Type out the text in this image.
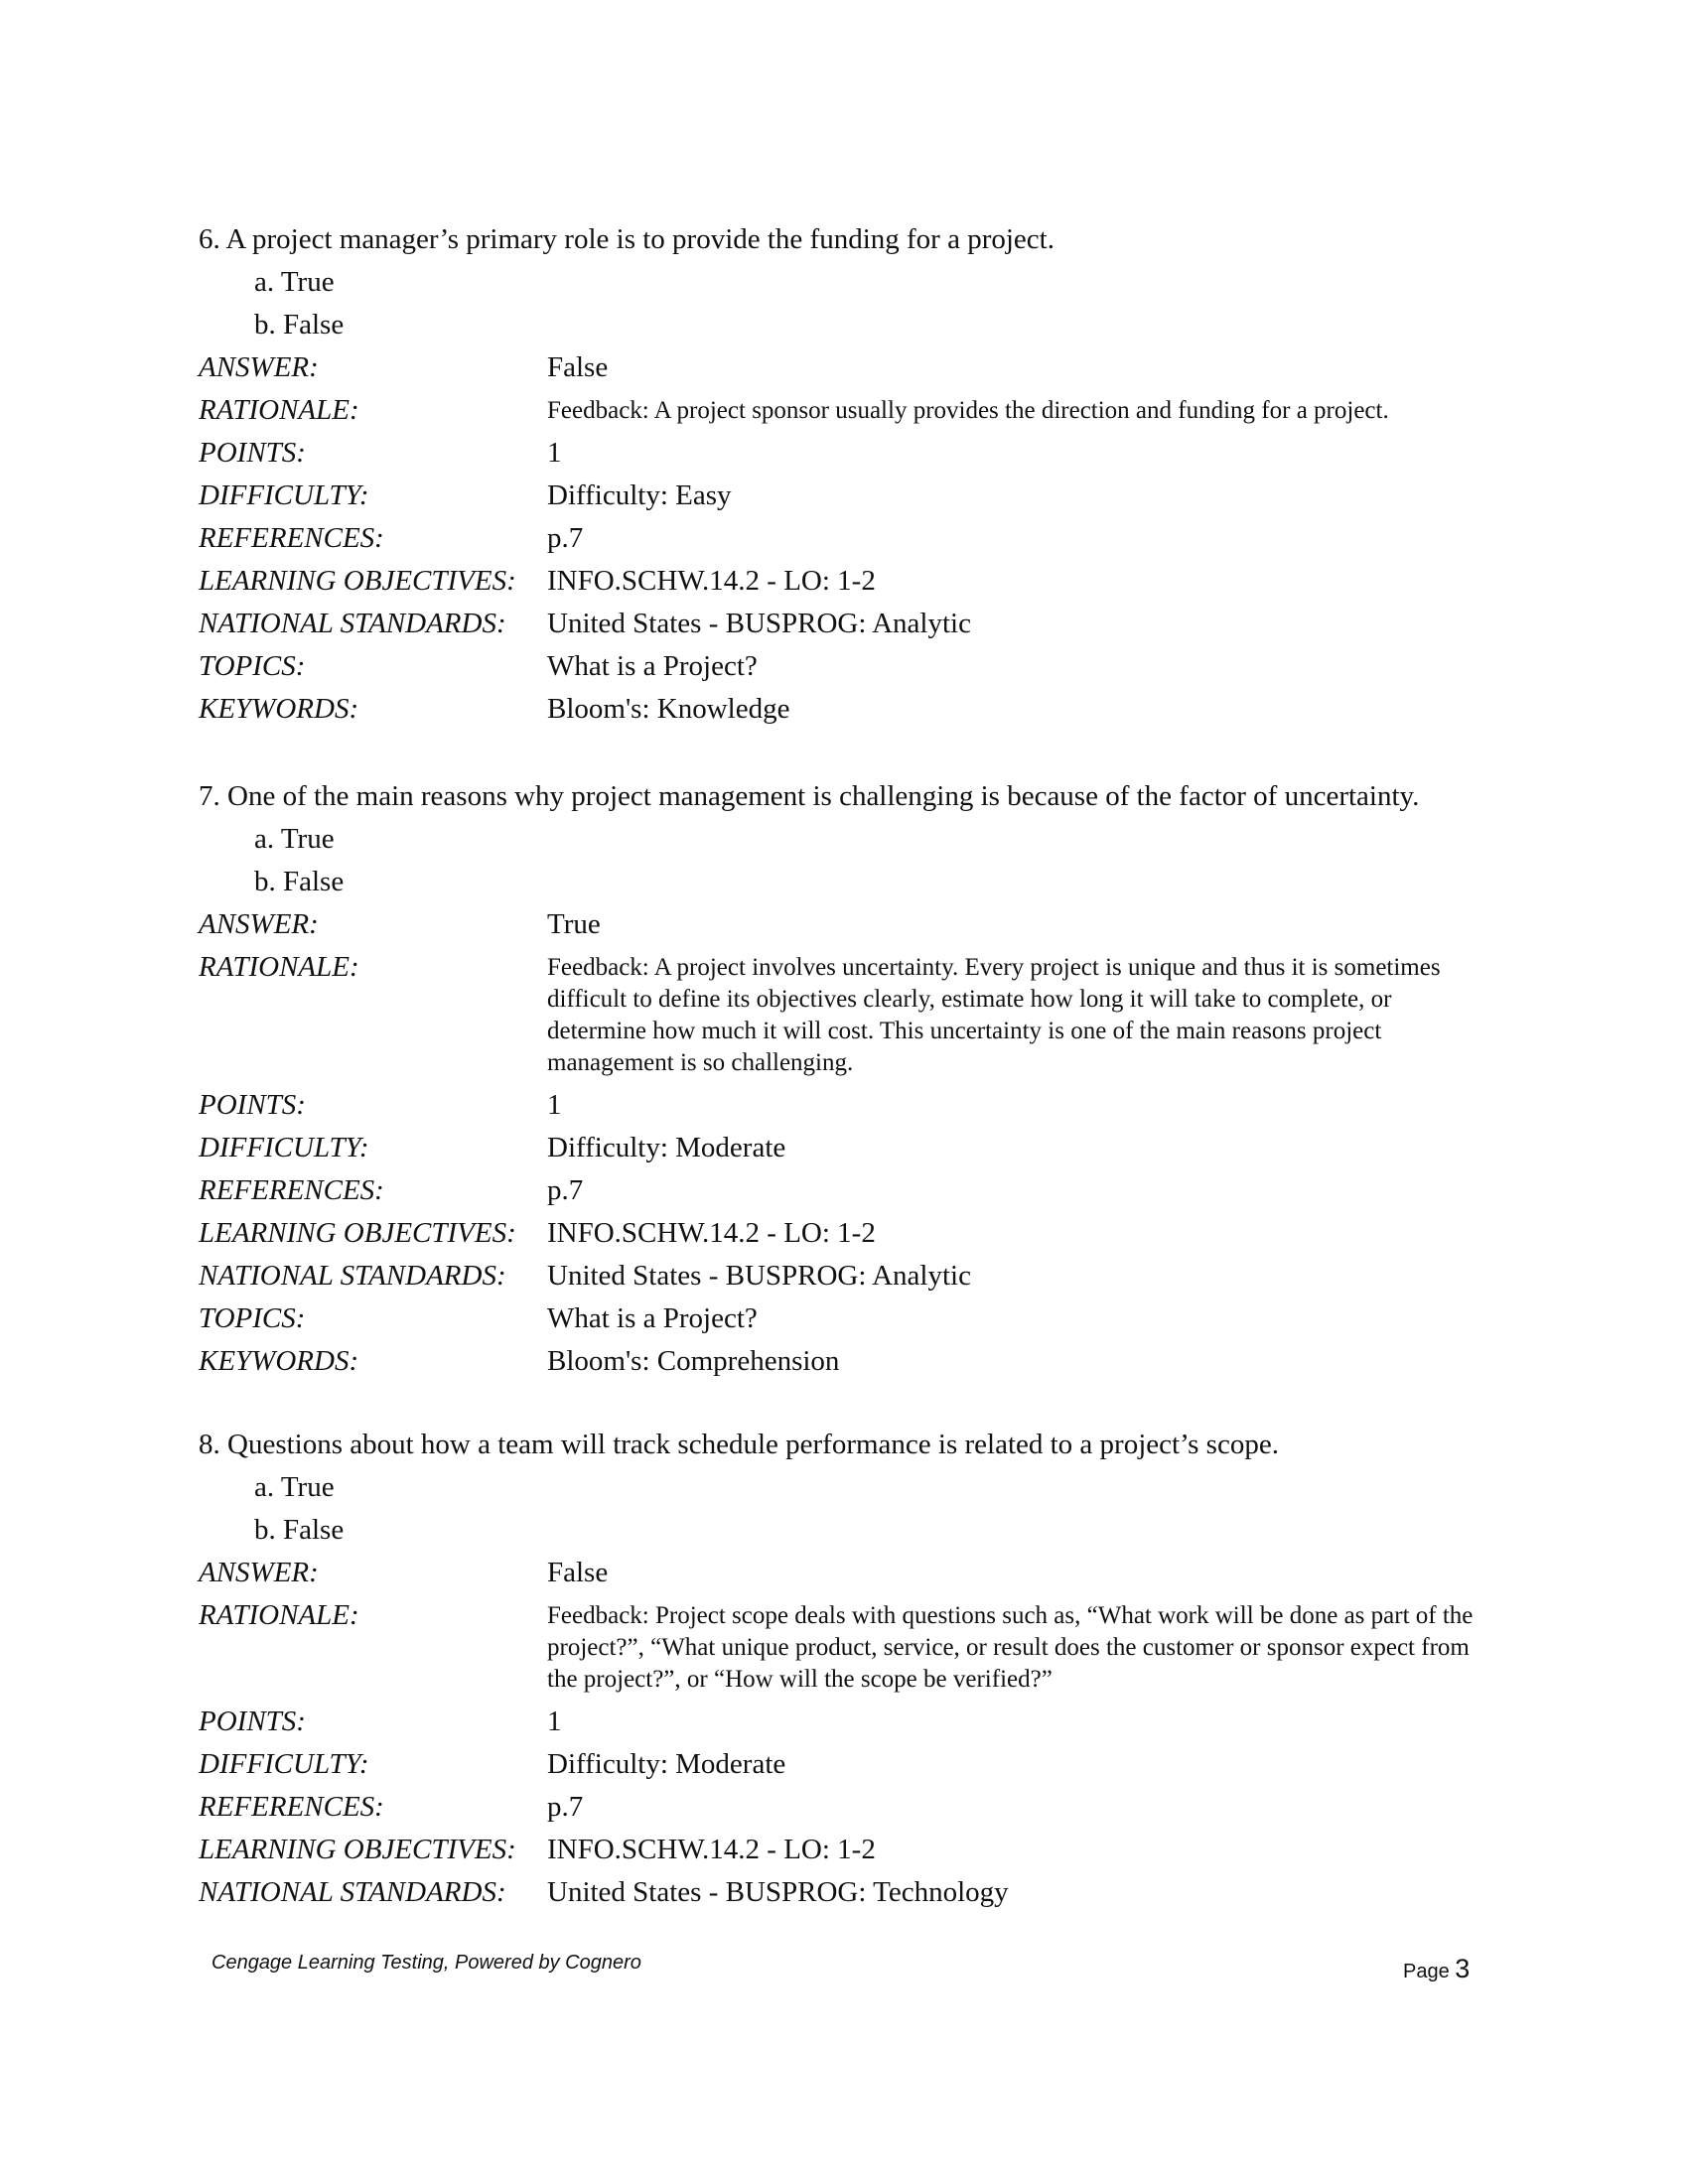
6. A project manager’s primary role is to provide the funding for a project.
a. True
b. False
ANSWER:	False
RATIONALE:	Feedback: A project sponsor usually provides the direction and funding for a project.
POINTS:	1
DIFFICULTY:	Difficulty: Easy
REFERENCES:	p.7
LEARNING OBJECTIVES: INFO.SCHW.14.2 - LO: 1-2
NATIONAL STANDARDS: United States - BUSPROG: Analytic
TOPICS:	What is a Project?
KEYWORDS:	Bloom's: Knowledge
7. One of the main reasons why project management is challenging is because of the factor of uncertainty.
a. True
b. False
ANSWER:	True
RATIONALE:	Feedback: A project involves uncertainty. Every project is unique and thus it is sometimes difficult to define its objectives clearly, estimate how long it will take to complete, or determine how much it will cost. This uncertainty is one of the main reasons project management is so challenging.
POINTS:	1
DIFFICULTY:	Difficulty: Moderate
REFERENCES:	p.7
LEARNING OBJECTIVES: INFO.SCHW.14.2 - LO: 1-2
NATIONAL STANDARDS: United States - BUSPROG: Analytic
TOPICS:	What is a Project?
KEYWORDS:	Bloom's: Comprehension
8. Questions about how a team will track schedule performance is related to a project’s scope.
a. True
b. False
ANSWER:	False
RATIONALE:	Feedback: Project scope deals with questions such as, “What work will be done as part of the project?”, “What unique product, service, or result does the customer or sponsor expect from the project?”, or “How will the scope be verified?”
POINTS:	1
DIFFICULTY:	Difficulty: Moderate
REFERENCES:	p.7
LEARNING OBJECTIVES: INFO.SCHW.14.2 - LO: 1-2
NATIONAL STANDARDS: United States - BUSPROG: Technology
Cengage Learning Testing, Powered by Cognero	Page 3
